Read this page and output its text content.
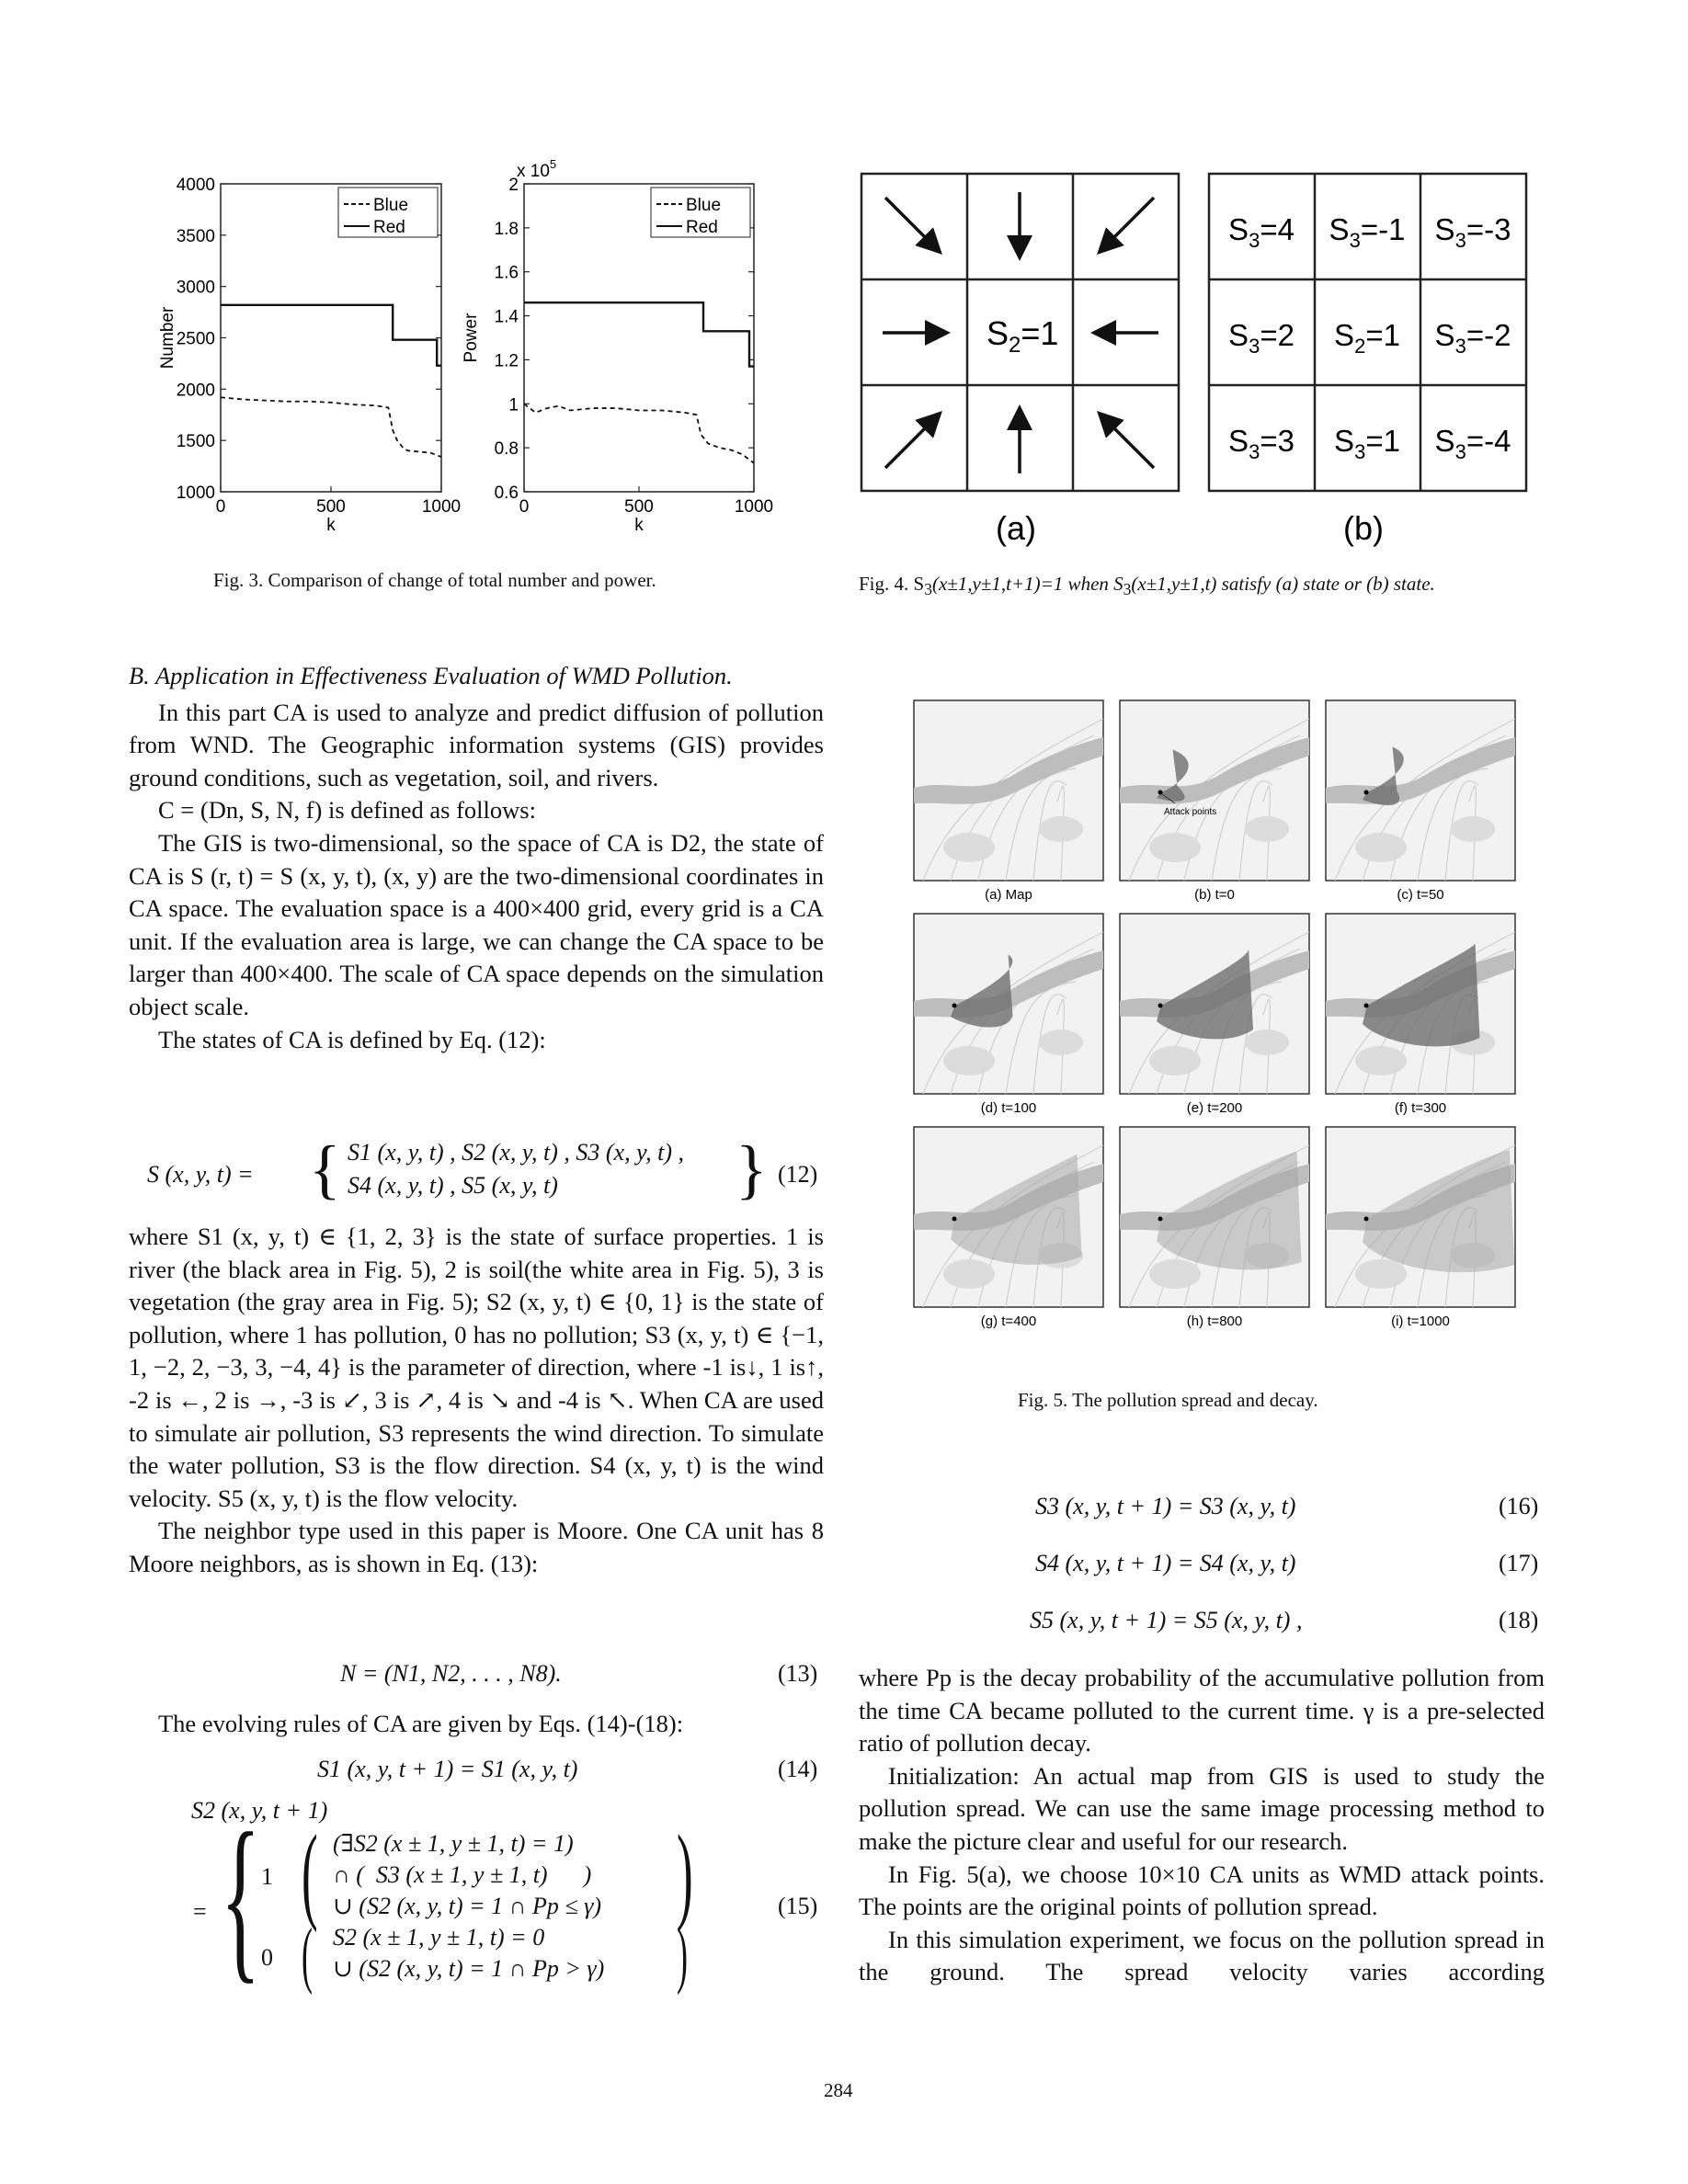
4000
3500
3000
2500
2000
1500
1000
0	500	1000
k
Number
Blue
Red
2
1.8
1.6
1.4
1.2
1
0.8
0.6
0	500	1000
k
Power
x $10^5$
Blue
Red
Fig. 3. Comparison of change of total number and power.
$S_2=1$
$S_3=4$ $S_3=-1$ $S_3=-3$
$S_3=2$ $S_2=1$ $S_3=-2$
$S_3=3$ $S_3=1$ $S_3=-4$
(a)	(b)
Fig. 4. $S_3(x\pm 1,y\pm 1,t+1)=1$ when $S_3(x\pm 1,y\pm 1,t)$ satisfy (a) state or (b) state.
(a) Map
Attack points
(b) t=0	(c) t=50
(d) t=100	(e) t=200	(f) t=300
(g) t=400	(h) t=800	(i) t=1000
Fig. 5. The pollution spread and decay.

B. Application in Effectiveness Evaluation of WMD Pollution.

In this part CA is used to analyze and predict diffusion of pollution from WND. The Geographic information systems (GIS) provides ground conditions, such as vegetation, soil, and rivers.

C = (Dn, S, N, f) is defined as follows:

The GIS is two-dimensional, so the space of CA is D2, the state of CA is S (r, t) = S (x, y, t), (x, y) are the two-dimensional coordinates in CA space. The evaluation space is a 400×400 grid, every grid is a CA unit. If the evaluation area is large, we can change the CA space to be larger than 400×400. The scale of CA space depends on the simulation object scale.

The states of CA is defined by Eq. (12):

S (x, y, t) = { S1 (x, y, t) , S2 (x, y, t) , S3 (x, y, t) ,
S4 (x, y, t) , S5 (x, y, t)	} (12)

where S1 (x, y, t) ∈ {1, 2, 3} is the state of surface properties. 1 is river (the black area in Fig. 5), 2 is soil(the white area in Fig. 5), 3 is vegetation (the gray area in Fig. 5); S2 (x, y, t) ∈ {0, 1} is the state of pollution, where 1 has pollution, 0 has no pollution; S3 (x, y, t) ∈ {−1, 1, −2, 2, −3, 3, −4, 4} is the parameter of direction, where -1 is↓, 1 is↑, -2 is ←, 2 is →, -3 is ↙, 3 is ↗, 4 is ↘ and -4 is ↖. When CA are used to simulate air pollution, S3 represents the wind direction. To simulate the water pollution, S3 is the flow direction. S4 (x, y, t) is the wind velocity. S5 (x, y, t) is the flow velocity.

The neighbor type used in this paper is Moore. One CA unit has 8 Moore neighbors, as is shown in Eq. (13):

N = (N1, N2, . . . , N8).	(13)

The evolving rules of CA are given by Eqs. (14)-(18):

S1 (x, y, t + 1) = S1 (x, y, t)	(14)
S2 (x, y, t + 1)
= { 1
0
( (∃S2 (x ± 1, y ± 1, t) = 1)
∩ (  S3 (x ± 1, y ± 1, t)      )
∪ (S2 (x, y, t) = 1 ∩ Pp ≤ γ) )
( S2 (x ± 1, y ± 1, t) = 0
∪ (S2 (x, y, t) = 1 ∩ Pp > γ) )
(15)
S3 (x, y, t + 1) = S3 (x, y, t)	(16)
S4 (x, y, t + 1) = S4 (x, y, t)	(17)
S5 (x, y, t + 1) = S5 (x, y, t) ,	(18)

where Pp is the decay probability of the accumulative pollution from the time CA became polluted to the current time. γ is a pre-selected ratio of pollution decay.

Initialization: An actual map from GIS is used to study the pollution spread. We can use the same image processing method to make the picture clear and useful for our research.

In Fig. 5(a), we choose 10×10 CA units as WMD attack points. The points are the original points of pollution spread.

In this simulation experiment, we focus on the pollution spread in the ground. The spread velocity varies according

284
